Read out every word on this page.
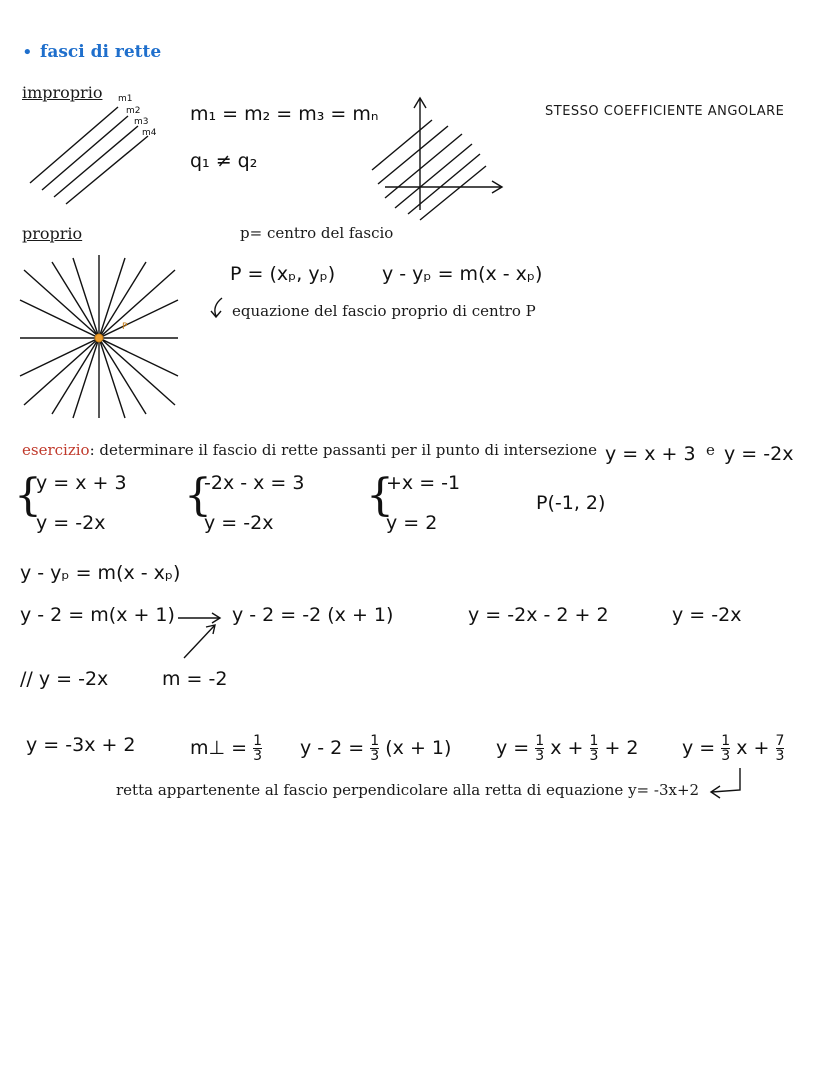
• fasci di rette
improprio m1
m2
m3
m4
m₁ = m₂ = m₃ = mₙ
q₁ ≠ q₂
STESSO COEFFICIENTE ANGOLARE
proprio	p= centro del fascio
P
P = (xₚ, yₚ) y - yₚ = m(x - xₚ)
equazione del fascio proprio di centro P
esercizio: determinare il fascio di rette passanti per il punto di intersezione y = x + 3 e y = -2x
{
y = x + 3
y = -2x
{
-2x - x = 3
y = -2x
{
+x = -1
y = 2
P(-1, 2)
y - yₚ = m(x - xₚ)
y - 2 = m(x + 1)	y - 2 = -2 (x + 1)	y = -2x - 2 + 2	y = -2x
// y = -2x	m = -2
y = -3x + 2	m⊥ = $\frac{1}{3}$ $y - 2 = \frac{1}{3} (x + 1) y = \frac{1}{3}$ $x + \frac{1}{3} + 2$ $y = \frac{1}{3}$ $x + \frac{7}{3}$
retta appartenente al fascio perpendicolare alla retta di equazione y= -3x+2
